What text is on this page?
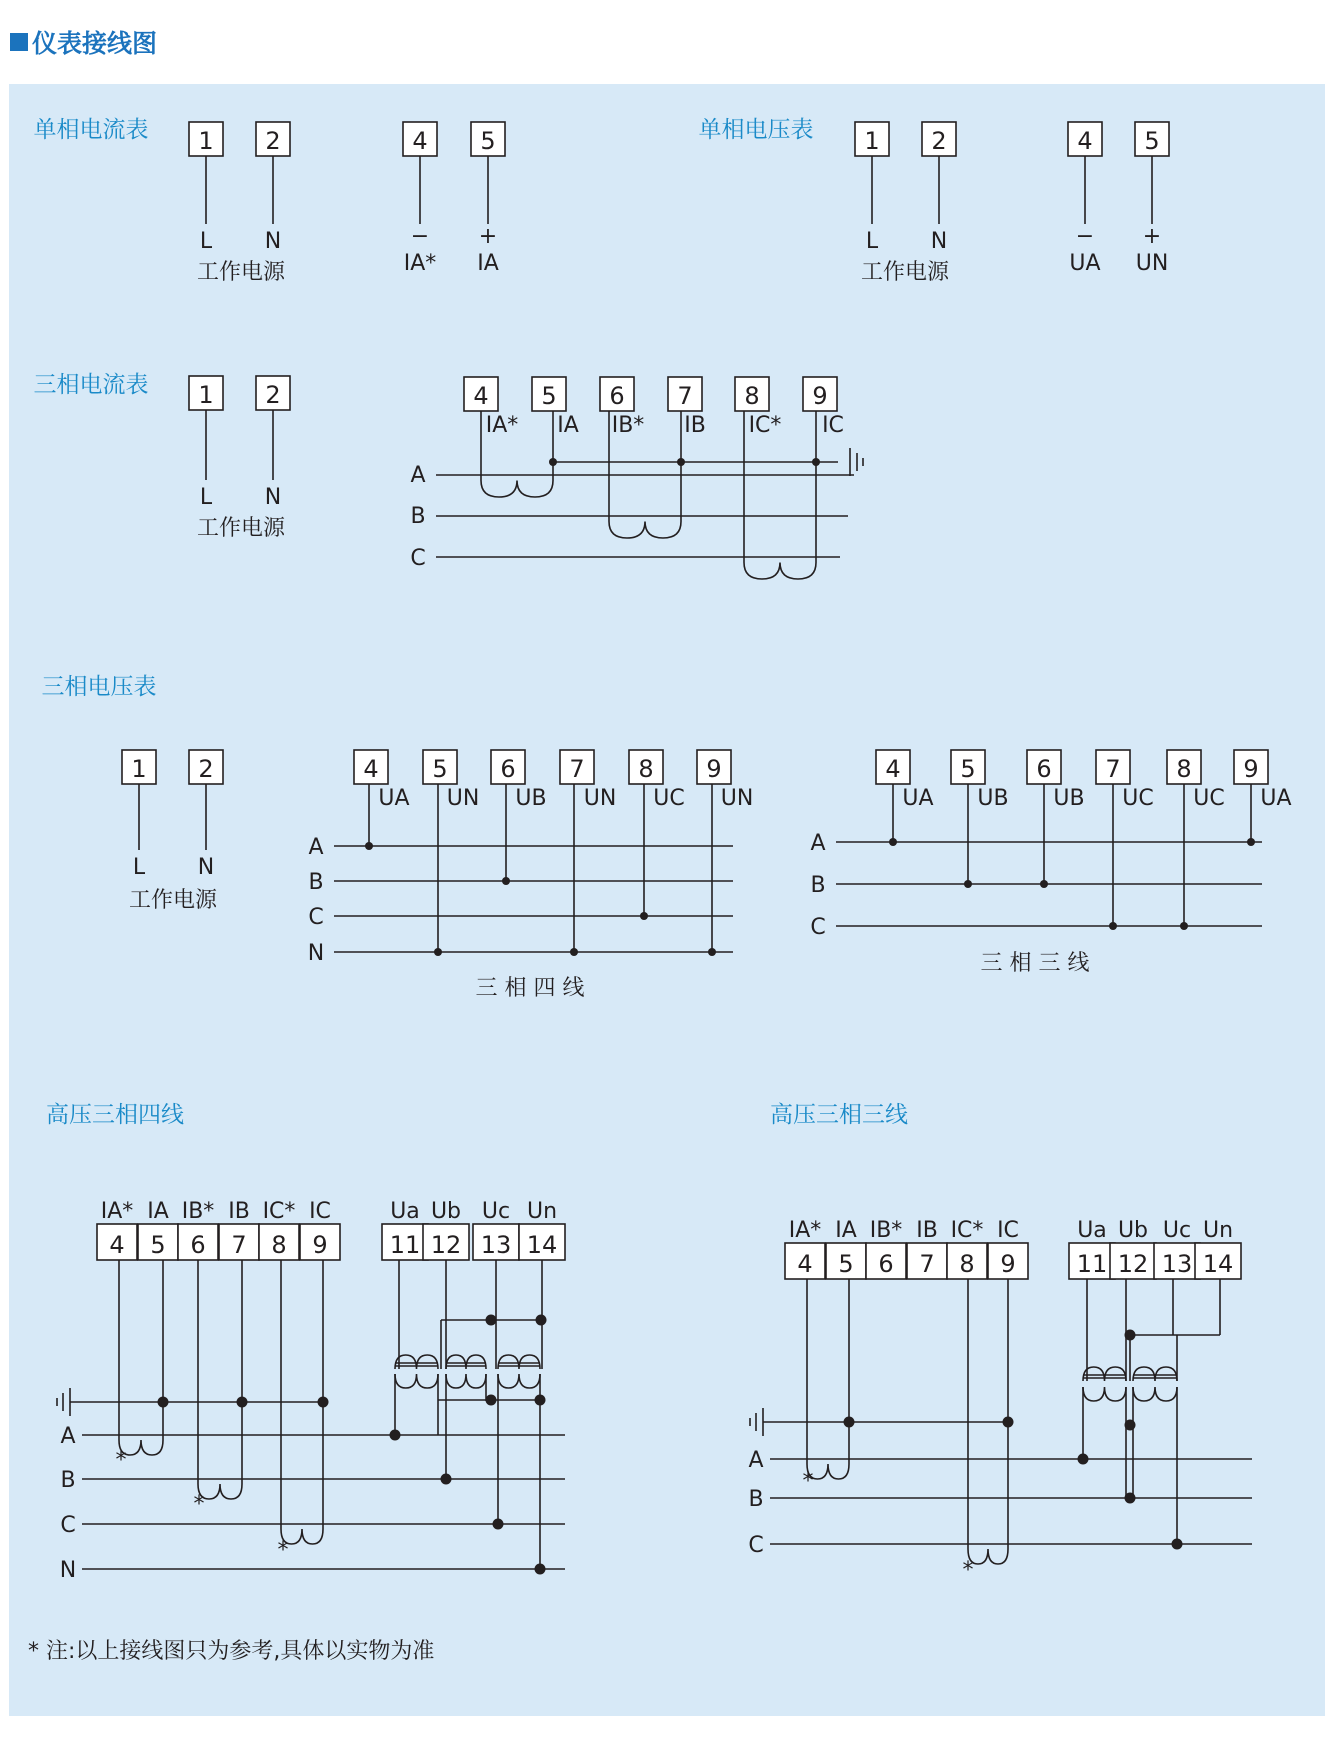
仪表接线图
单相电流表 1 2	4 5
L N
工作电源
− +
IA* IA
单相电压表 1 2	4 5
L N
工作电源
− +
UA UN
三相电流表 1 2
L N
工作电源
4 5 6 7 8 9
IA* IA IB* IB IC* IC
A
B
C
三相电压表
1 2
L N
工作电源
4 5 6 7 8 9
UA UN UB UN UC UN
A
B
C
N
三 相 四 线
4 5	6 7 8 9
UA UB UB UC UC UA
A
B
C
三 相 三 线
高压三相四线
IA*
4
IA
5
IB*
6
IB
7
IC*
8
IC
9
Ua
11
Ub
12
Uc
13
Un
14
A
B
C
N
*
*
*
高压三相三线
IA*
4
IA
5
IB*
6
IB
7
IC*
8
IC
9
Ua
11
Ub
12
Uc
13
Un
14
A
B
C
*
*
* 注:以上接线图只为参考,具体以实物为准
